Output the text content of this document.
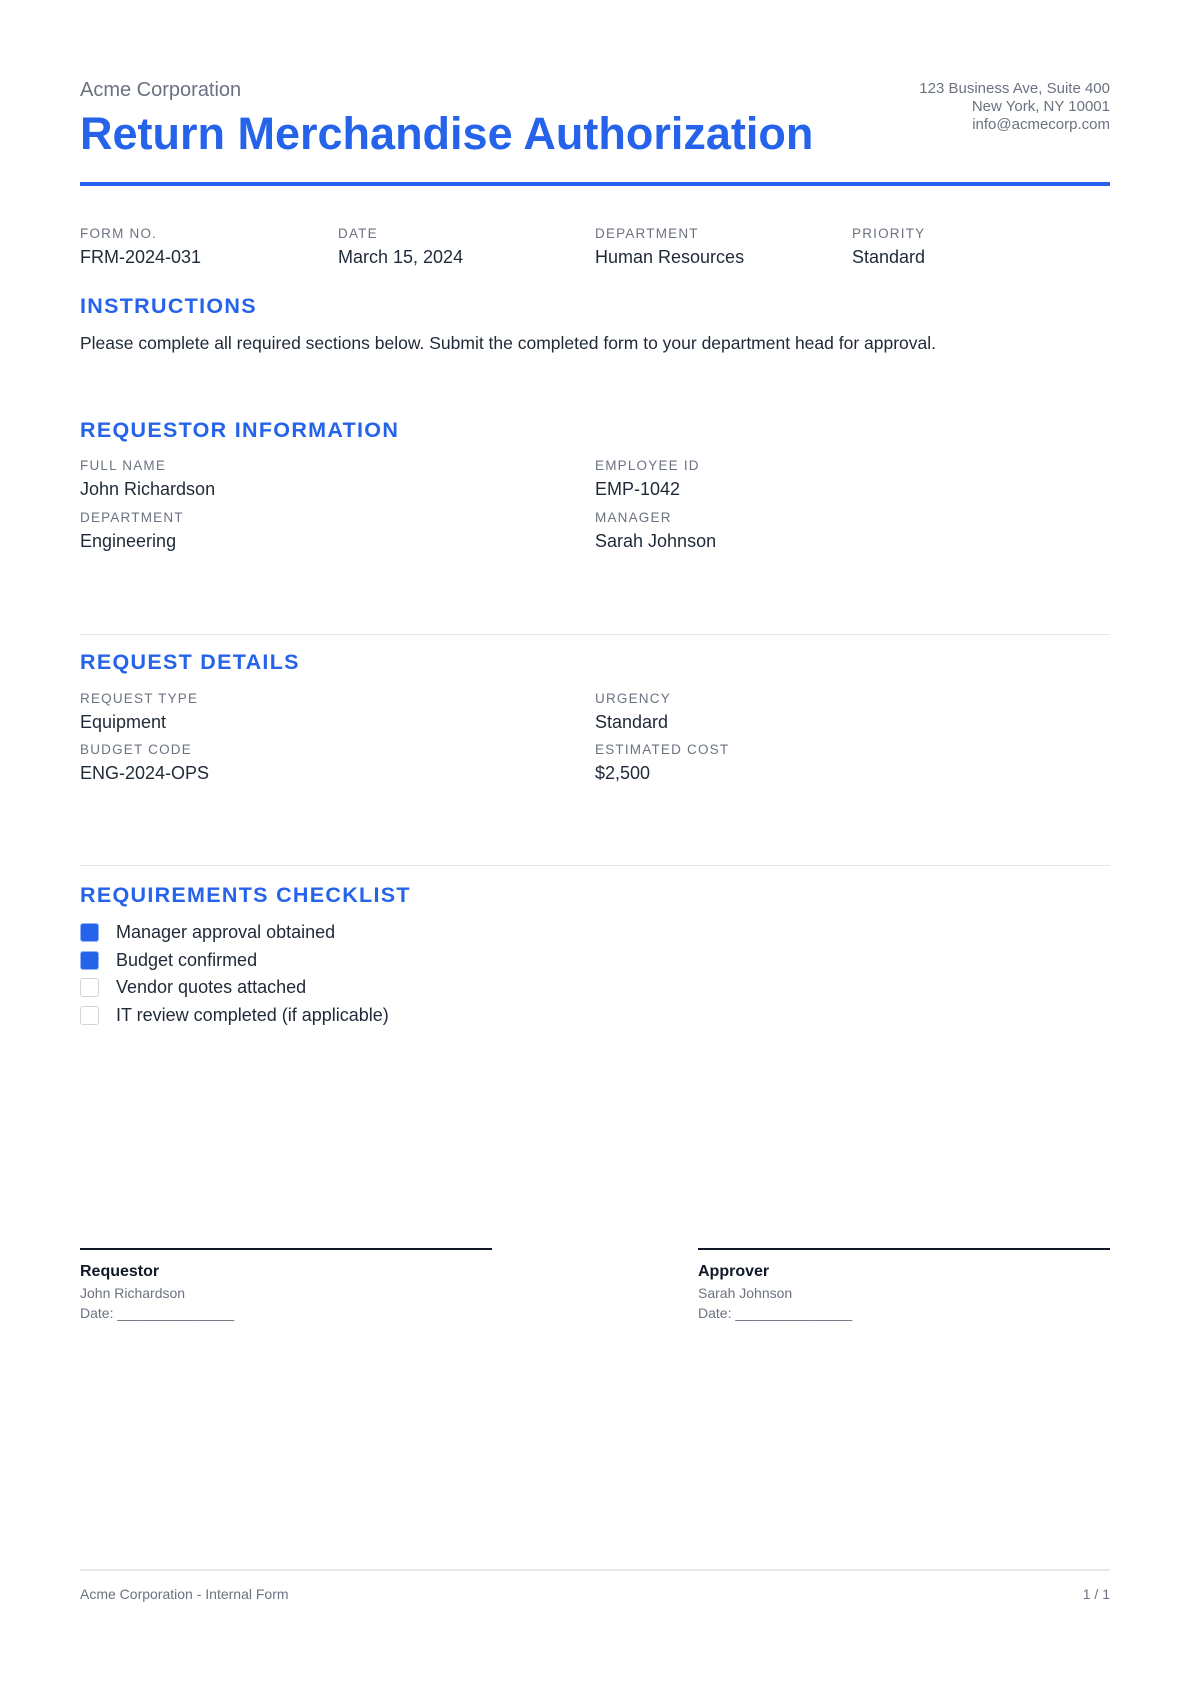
Acme Corporation
Return Merchandise Authorization
123 Business Ave, Suite 400
New York, NY 10001
info@acmecorp.com
FORM NO.
FRM-2024-031
DATE
March 15, 2024
DEPARTMENT
Human Resources
PRIORITY
Standard
INSTRUCTIONS
Please complete all required sections below. Submit the completed form to your department head for approval.
REQUESTOR INFORMATION
FULL NAME
John Richardson
EMPLOYEE ID
EMP-1042
DEPARTMENT
Engineering
MANAGER
Sarah Johnson
REQUEST DETAILS
REQUEST TYPE
Equipment
URGENCY
Standard
BUDGET CODE
ENG-2024-OPS
ESTIMATED COST
$2,500
REQUIREMENTS CHECKLIST
Manager approval obtained
Budget confirmed
Vendor quotes attached
IT review completed (if applicable)
Requestor
John Richardson
Date: _______________
Approver
Sarah Johnson
Date: _______________
Acme Corporation - Internal Form	1 / 1
